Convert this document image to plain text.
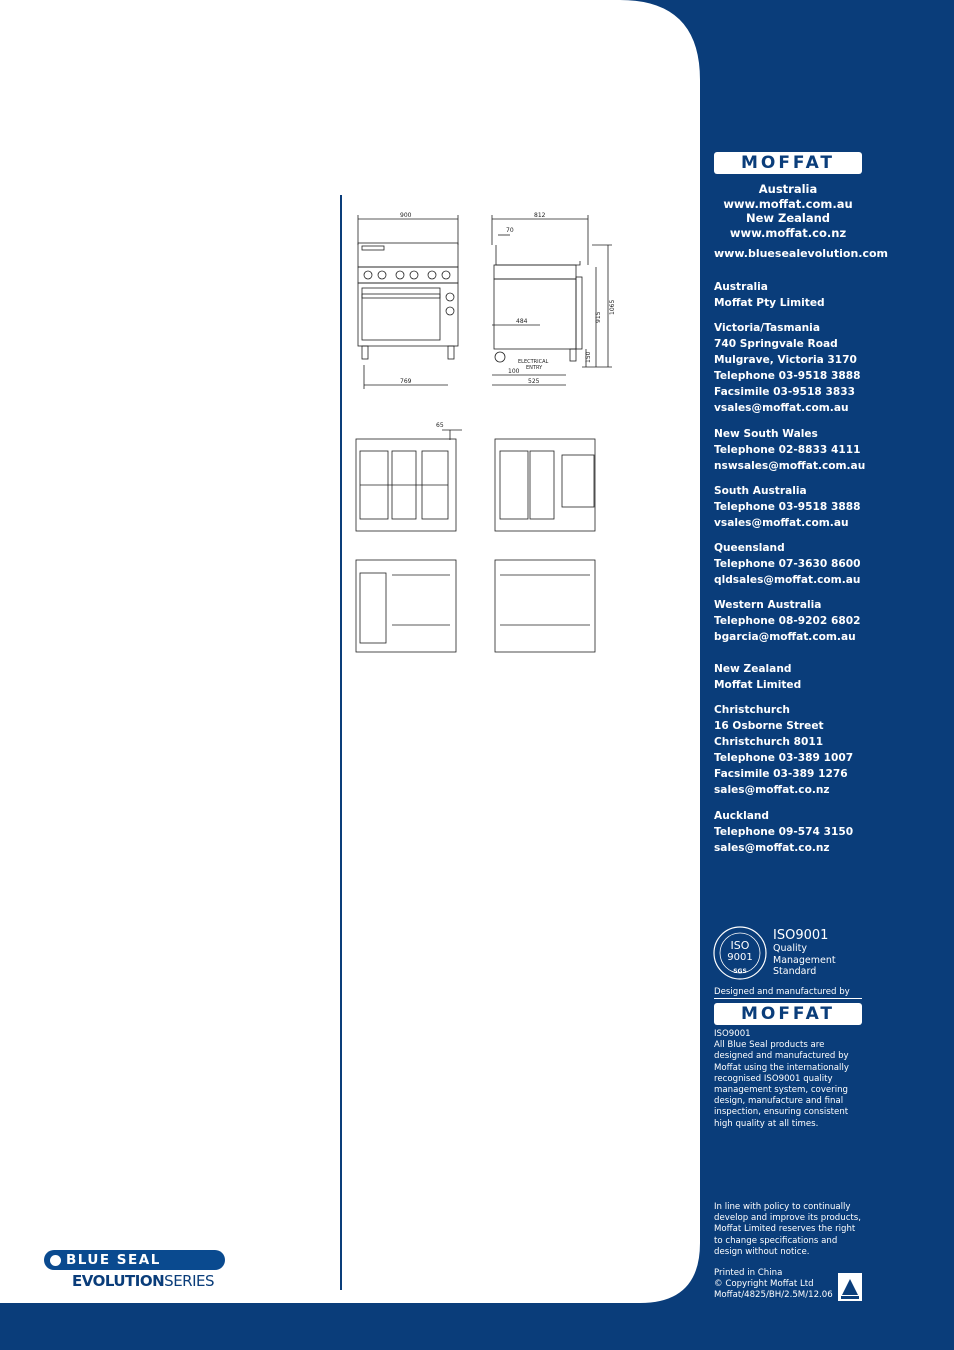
900	812
70
1065
915
484
150
100
525
769
65
ELECTRICAL
ENTRY
MOFFAT
Australia
www.moffat.com.au
New Zealand
www.moffat.co.nz
www.bluesealevolution.com
Australia
Moffat Pty Limited
Victoria/Tasmania
740 Springvale Road
Mulgrave, Victoria 3170
Telephone 03-9518 3888
Facsimile 03-9518 3833
vsales@moffat.com.au
New South Wales
Telephone 02-8833 4111
nswsales@moffat.com.au
South Australia
Telephone 03-9518 3888
vsales@moffat.com.au
Queensland
Telephone 07-3630 8600
qldsales@moffat.com.au
Western Australia
Telephone 08-9202 6802
bgarcia@moffat.com.au
New Zealand
Moffat Limited
Christchurch
16 Osborne Street
Christchurch 8011
Telephone 03-389 1007
Facsimile 03-389 1276
sales@moffat.co.nz
Auckland
Telephone 09-574 3150
sales@moffat.co.nz
ISO
9001
SGS
ISO9001
Quality
Management
Standard
Designed and manufactured by
MOFFAT
ISO9001
All Blue Seal products are
designed and manufactured by
Moffat using the internationally
recognised ISO9001 quality
management system, covering
design, manufacture and final
inspection, ensuring consistent
high quality at all times.
In line with policy to continually
develop and improve its products,
Moffat Limited reserves the right
to change specifications and
design without notice.
Printed in China
© Copyright Moffat Ltd
Moffat/4825/BH/2.5M/12.06
BLUE SEAL
EVOLUTIONSERIES
